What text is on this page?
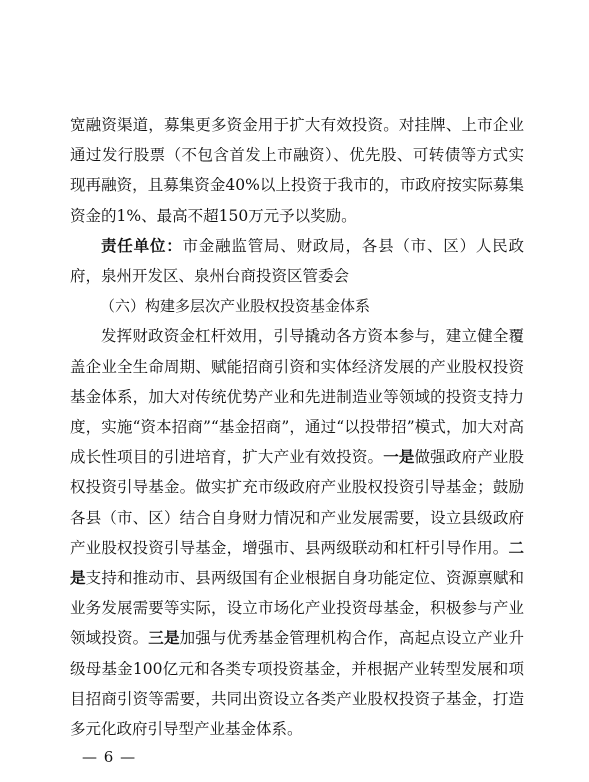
宽融资渠道，募集更多资金用于扩大有效投资。对挂牌、上市企业通过发行股票（不包含首发上市融资）、优先股、可转债等方式实现再融资，且募集资金40%以上投资于我市的，市政府按实际募集资金的1%、最高不超150万元予以奖励。

责任单位：市金融监管局、财政局，各县（市、区）人民政府，泉州开发区、泉州台商投资区管委会

（六）构建多层次产业股权投资基金体系

发挥财政资金杠杆效用，引导撬动各方资本参与，建立健全覆盖企业全生命周期、赋能招商引资和实体经济发展的产业股权投资基金体系，加大对传统优势产业和先进制造业等领域的投资支持力度，实施“资本招商”“基金招商”，通过“以投带招”模式，加大对高成长性项目的引进培育，扩大产业有效投资。一是做强政府产业股权投资引导基金。做实扩充市级政府产业股权投资引导基金；鼓励各县（市、区）结合自身财力情况和产业发展需要，设立县级政府产业股权投资引导基金，增强市、县两级联动和杠杆引导作用。二是支持和推动市、县两级国有企业根据自身功能定位、资源禀赋和业务发展需要等实际，设立市场化产业投资母基金，积极参与产业领域投资。三是加强与优秀基金管理机构合作，高起点设立产业升级母基金100亿元和各类专项投资基金，并根据产业转型发展和项目招商引资等需要，共同出资设立各类产业股权投资子基金，打造多元化政府引导型产业基金体系。

— 6 —
